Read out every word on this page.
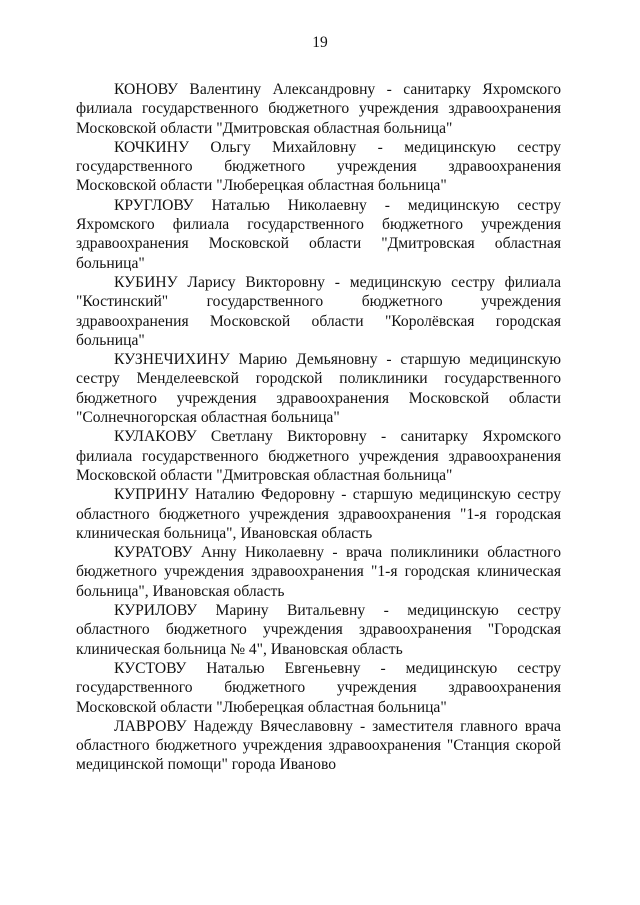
19

КОНОВУ Валентину Александровну - санитарку Яхромского филиала государственного бюджетного учреждения здравоохранения Московской области "Дмитровская областная больница"

КОЧКИНУ Ольгу Михайловну - медицинскую сестру государственного бюджетного учреждения здравоохранения Московской области "Люберецкая областная больница"

КРУГЛОВУ Наталью Николаевну - медицинскую сестру Яхромского филиала государственного бюджетного учреждения здравоохранения Московской области "Дмитровская областная больница"

КУБИНУ Ларису Викторовну - медицинскую сестру филиала "Костинский" государственного бюджетного учреждения здравоохранения Московской области "Королёвская городская больница"

КУЗНЕЧИХИНУ Марию Демьяновну - старшую медицинскую сестру Менделеевской городской поликлиники государственного бюджетного учреждения здравоохранения Московской области "Солнечногорская областная больница"

КУЛАКОВУ Светлану Викторовну - санитарку Яхромского филиала государственного бюджетного учреждения здравоохранения Московской области "Дмитровская областная больница"

КУПРИНУ Наталию Федоровну - старшую медицинскую сестру областного бюджетного учреждения здравоохранения "1-я городская клиническая больница", Ивановская область

КУРАТОВУ Анну Николаевну - врача поликлиники областного бюджетного учреждения здравоохранения "1-я городская клиническая больница", Ивановская область

КУРИЛОВУ Марину Витальевну - медицинскую сестру областного бюджетного учреждения здравоохранения "Городская клиническая больница № 4", Ивановская область

КУСТОВУ Наталью Евгеньевну - медицинскую сестру государственного бюджетного учреждения здравоохранения Московской области "Люберецкая областная больница"

ЛАВРОВУ Надежду Вячеславовну - заместителя главного врача областного бюджетного учреждения здравоохранения "Станция скорой медицинской помощи" города Иваново
